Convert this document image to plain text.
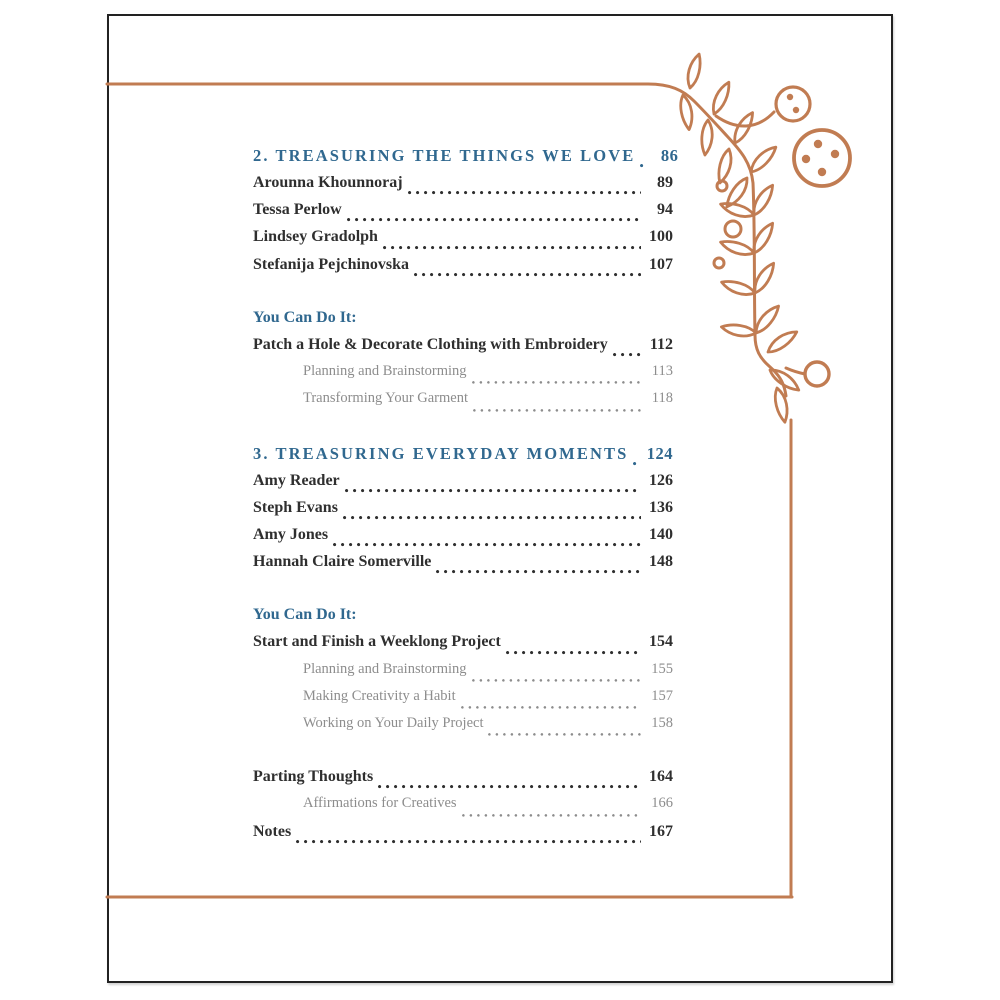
2. TREASURING THE THINGS WE LOVE	86
Arounna Khounnoraj	89
Tessa Perlow	94
Lindsey Gradolph	100
Stefanija Pejchinovska	107
You Can Do It:
Patch a Hole & Decorate Clothing with Embroidery	112
Planning and Brainstorming	113
Transforming Your Garment	118
3. TREASURING EVERYDAY MOMENTS 124
Amy Reader	126
Steph Evans	136
Amy Jones	140
Hannah Claire Somerville	148
You Can Do It:
Start and Finish a Weeklong Project	154
Planning and Brainstorming	155
Making Creativity a Habit	157
Working on Your Daily Project	158
Parting Thoughts	164
Affirmations for Creatives	166
Notes	167
